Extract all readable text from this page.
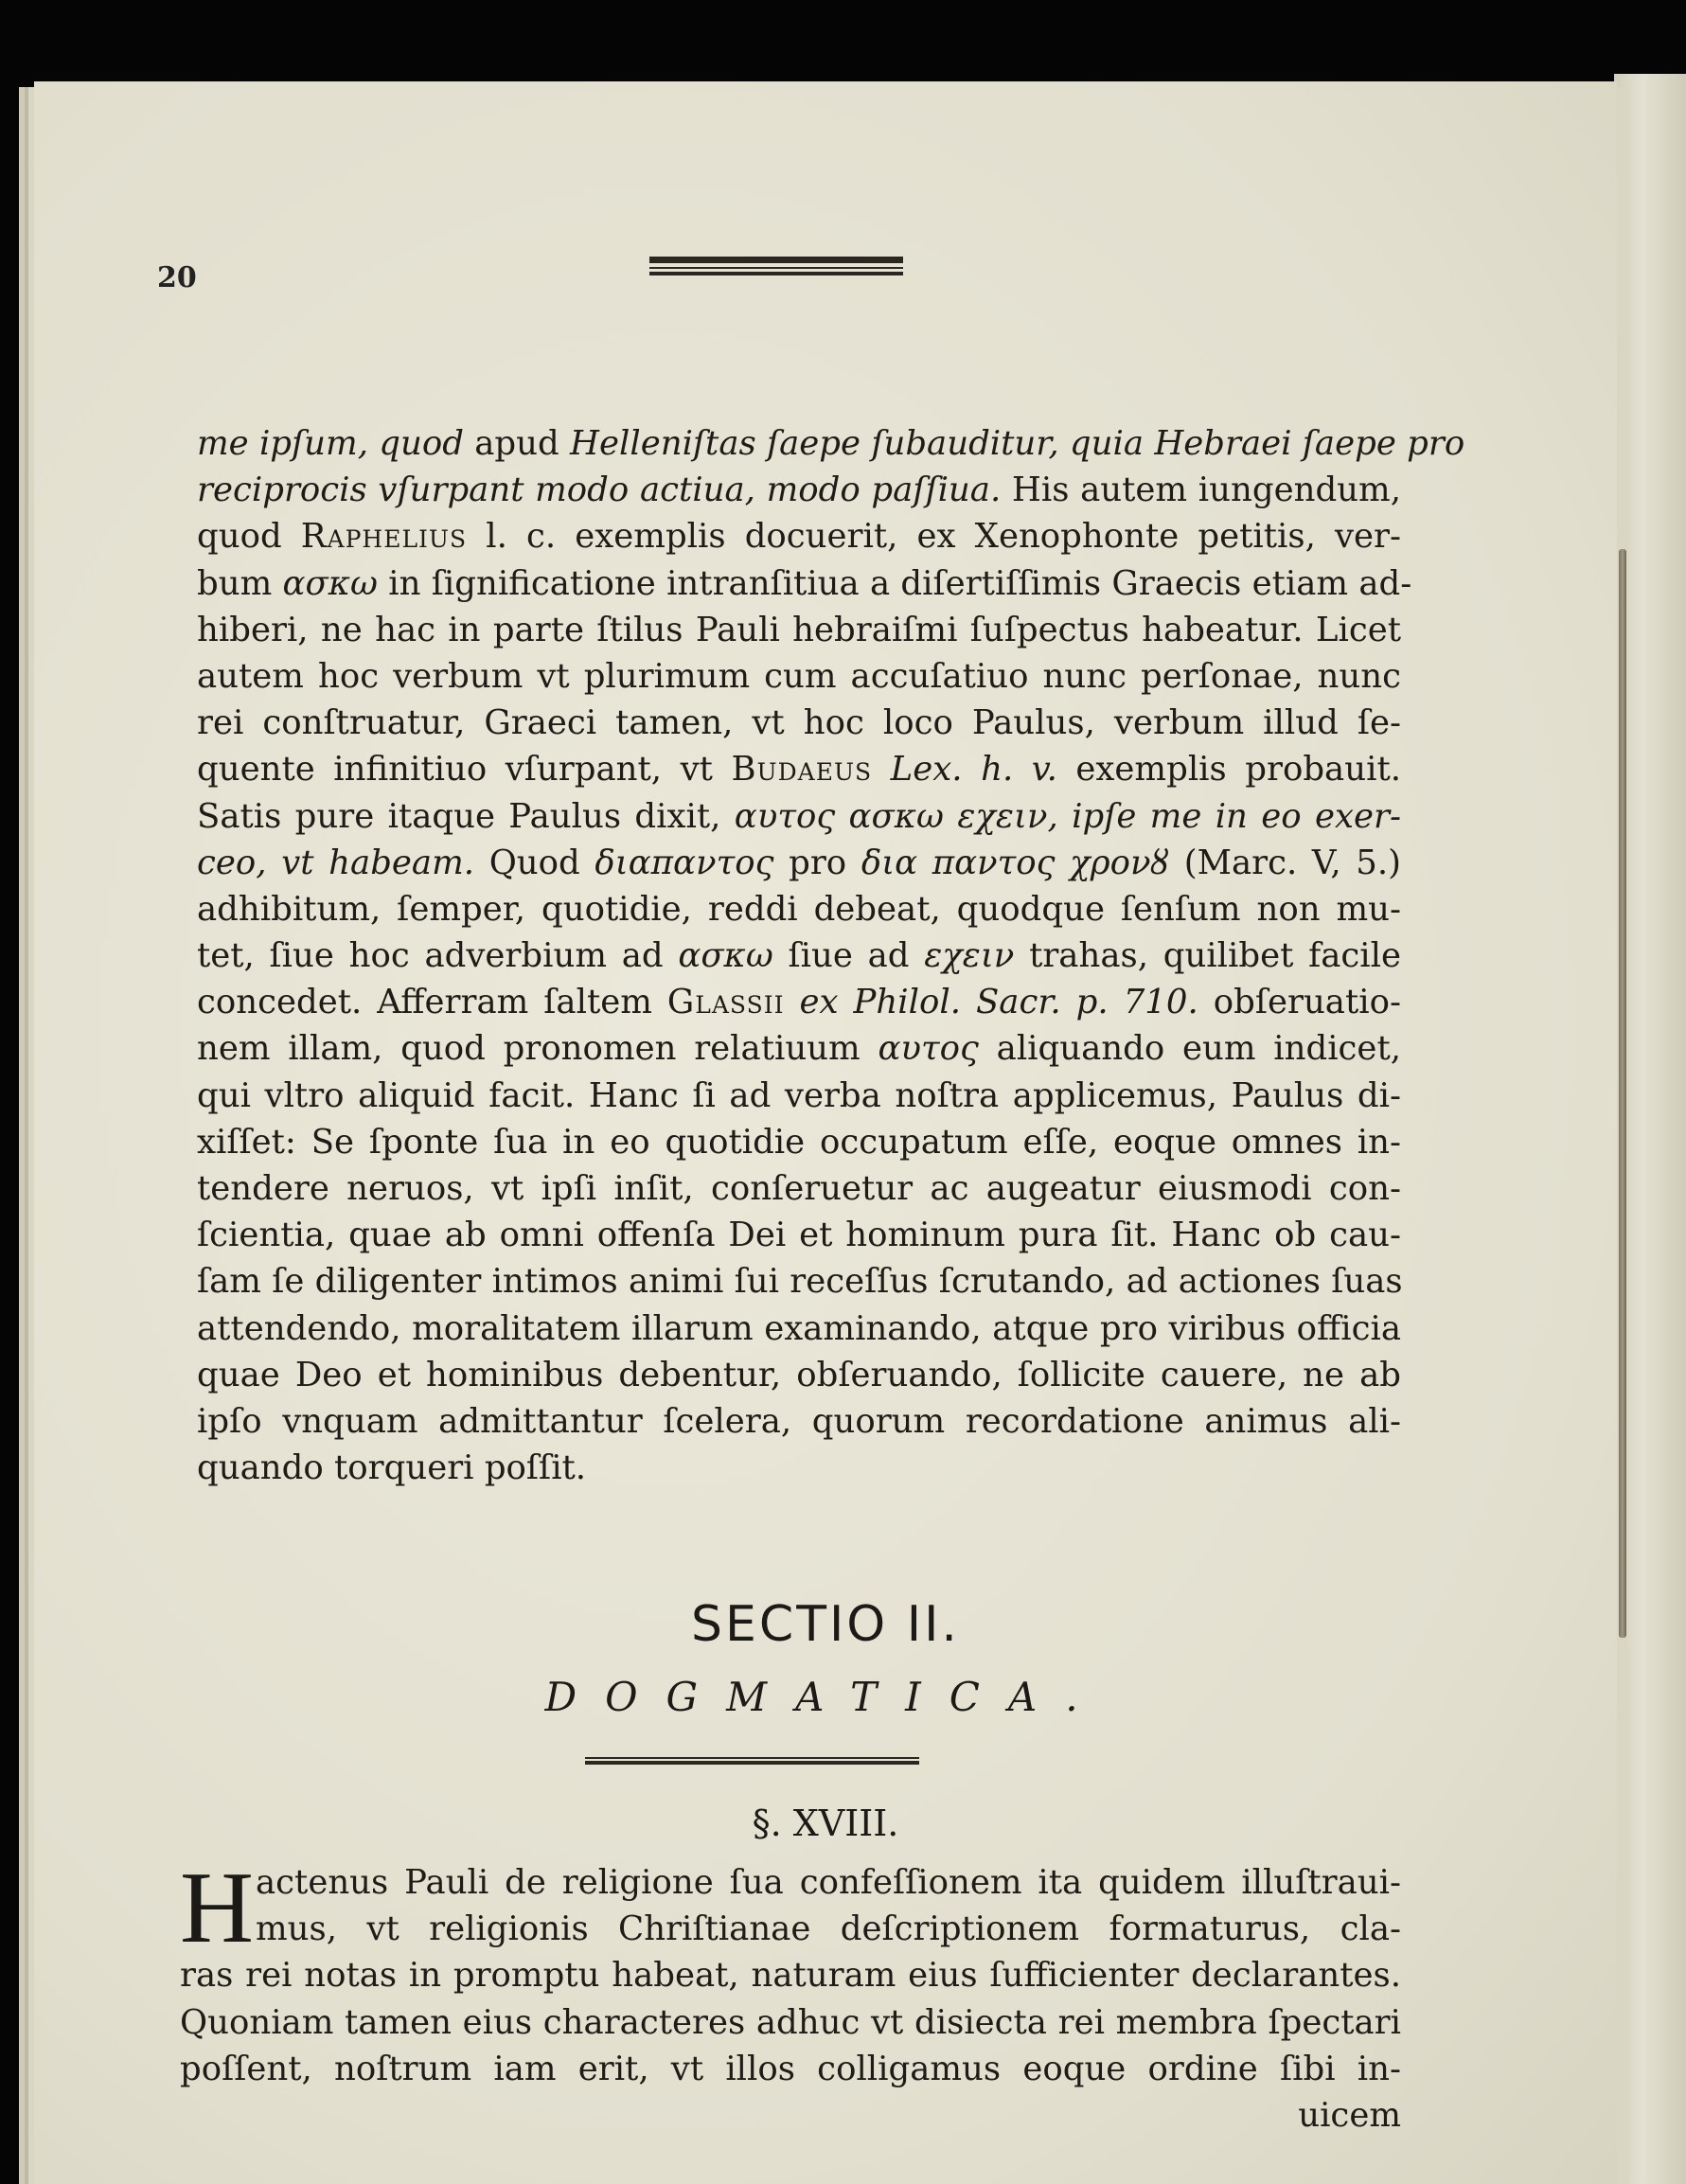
20
me ipſum, quod apud Helleniſtas ſaepe ſubauditur, quia Hebraei ſaepe pro
reciprocis vſurpant modo actiua, modo paſſiua. His autem iungendum,
quod Raphelius l. c. exemplis docuerit, ex Xenophonte petitis, ver-
bum ασκω in ſignificatione intranſitiua a diſertiſſimis Graecis etiam ad-
hiberi, ne hac in parte ſtilus Pauli hebraiſmi ſuſpectus habeatur. Licet
autem hoc verbum vt plurimum cum accuſatiuo nunc perſonae, nunc
rei conſtruatur, Graeci tamen, vt hoc loco Paulus, verbum illud ſe-
quente infinitiuo vſurpant, vt Budaeus Lex. h. v. exemplis probauit.
Satis pure itaque Paulus dixit, αυτος ασκω εχειν, ipſe me in eo exer-
ceo, vt habeam. Quod διαπαντος pro δια παντος χρονȣ (Marc. V, 5.)
adhibitum, ſemper, quotidie, reddi debeat, quodque ſenſum non mu-
tet, ſiue hoc adverbium ad ασκω ſiue ad εχειν trahas, quilibet facile
concedet. Afferram ſaltem Glassii ex Philol. Sacr. p. 710. obſeruatio-
nem illam, quod pronomen relatiuum αυτος aliquando eum indicet,
qui vltro aliquid facit. Hanc ſi ad verba noſtra applicemus, Paulus di-
xiſſet: Se ſponte ſua in eo quotidie occupatum eſſe, eoque omnes in-
tendere neruos, vt ipſi inſit, conſeruetur ac augeatur eiusmodi con-
ſcientia, quae ab omni offenſa Dei et hominum pura ſit. Hanc ob cau-
ſam ſe diligenter intimos animi ſui receſſus ſcrutando, ad actiones ſuas
attendendo, moralitatem illarum examinando, atque pro viribus officia
quae Deo et hominibus debentur, obſeruando, ſollicite cauere, ne ab
ipſo vnquam admittantur ſcelera, quorum recordatione animus ali-
quando torqueri poſſit.
SECTIO II.
DOGMATICA.
§. XVIII.
H actenus Pauli de religione ſua confeſſionem ita quidem illuſtraui-
mus, vt religionis Chriſtianae deſcriptionem formaturus, cla-
ras rei notas in promptu habeat, naturam eius ſufficienter declarantes.
Quoniam tamen eius characteres adhuc vt disiecta rei membra ſpectari
poſſent, noſtrum iam erit, vt illos colligamus eoque ordine ſibi in-
uicem
